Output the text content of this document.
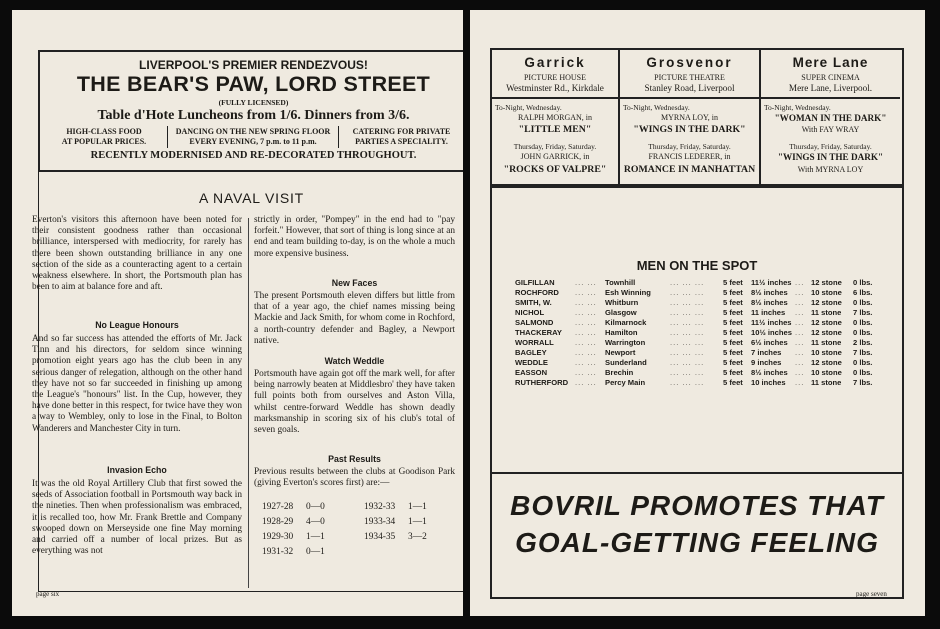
LIVERPOOL'S PREMIER RENDEZVOUS!
THE BEAR'S PAW, LORD STREET
(FULLY LICENSED)
Table d'Hote Luncheons from 1/6. Dinners from 3/6.
HIGH-CLASS FOOD
AT POPULAR PRICES.
DANCING ON THE NEW SPRING FLOOR
EVERY EVENING, 7 p.m. to 11 p.m.
CATERING FOR PRIVATE
PARTIES A SPECIALITY.
RECENTLY MODERNISED AND RE-DECORATED THROUGHOUT.
A NAVAL VISIT

Everton's visitors this afternoon have been noted for their consistent goodness rather than occasional brilliance, interspersed with mediocrity, for rarely has there been shown outstanding brilliance in any one section of the side as a counteracting agent to a certain weakness elsewhere. In short, the Portsmouth plan has been to aim at balance fore and aft.

No League Honours

And so far success has attended the efforts of Mr. Jack Tinn and his directors, for seldom since winning promotion eight years ago has the club been in any serious danger of relegation, although on the other hand they have not so far succeeded in finishing up among the League's "honours" list. In the Cup, however, they have done better in this respect, for twice have they won a way to Wembley, only to lose in the Final, to Bolton Wanderers and Manchester City in turn.

Invasion Echo

It was the old Royal Artillery Club that first sowed the seeds of Association football in Portsmouth way back in the nineties. Then when professionalism was embraced, it is recalled too, how Mr. Frank Brettle and Company swooped down on Merseyside one fine May morning and carried off a number of local prizes. But as everything was not

strictly in order, "Pompey" in the end had to "pay forfeit." However, that sort of thing is long since at an end and team building to-day, is on the whole a much more expensive business.

New Faces

The present Portsmouth eleven differs but little from that of a year ago, the chief names missing being Mackie and Jack Smith, for whom come in Rochford, a north-country defender and Bagley, a Newport native.

Watch Weddle

Portsmouth have again got off the mark well, for after being narrowly beaten at Middlesbro' they have taken full points both from ourselves and Aston Villa, whilst centre-forward Weddle has shown deadly marksmanship in scoring six of his club's total of seven goals.

Past Results

Previous results between the clubs at Goodison Park (giving Everton's scores first) are:—

1927-28 0—0	1932-33 1—1
1928-29 4—0	1933-34 1—1
1929-30 1—1	1934-35 3—2
1931-32 0—1
page six
Garrick
PICTURE HOUSE
Westminster Rd., Kirkdale
To-Night, Wednesday.
RALPH MORGAN, in
"LITTLE MEN"
Thursday, Friday, Saturday.
JOHN GARRICK, in
"ROCKS OF VALPRE"
Grosvenor
PICTURE THEATRE
Stanley Road, Liverpool
To-Night, Wednesday.
MYRNA LOY, in
"WINGS IN THE DARK"
Thursday, Friday, Saturday.
FRANCIS LEDERER, in
ROMANCE IN MANHATTAN
Mere Lane
SUPER CINEMA
Mere Lane, Liverpool.
To-Night, Wednesday.
"WOMAN IN THE DARK"
With FAY WRAY
Thursday, Friday, Saturday.
"WINGS IN THE DARK"
With MYRNA LOY
MEN ON THE SPOT
GILFILLAN	... ... Townhill	... ... ... 5 feet 11½ inches ... 12 stone 0 lbs.
ROCHFORD ... ... Esh Winning	... ... ... 5 feet 8½ inches ... 10 stone 6 lbs.
SMITH, W.	... ... Whitburn	... ... ... 5 feet 8½ inches ... 12 stone 0 lbs.
NICHOL	... ... Glasgow	... ... ... 5 feet 11 inches ... 11 stone 7 lbs.
SALMOND	... ... Kilmarnock	... ... ... 5 feet 11½ inches ... 12 stone 0 lbs.
THACKERAY ... ... Hamilton	... ... ... 5 feet 10½ inches ... 12 stone 0 lbs.
WORRALL	... ... Warrington	... ... ... 5 feet 6½ inches ... 11 stone 2 lbs.
BAGLEY	... ... Newport	... ... ... 5 feet 7 inches ... 10 stone 7 lbs.
WEDDLE	... ... Sunderland	... ... ... 5 feet 9 inches ... 12 stone 0 lbs.
EASSON	... ... Brechin	... ... ... 5 feet 8½ inches ... 10 stone 0 lbs.
RUTHERFORD ... ... Percy Main	... ... ... 5 feet 10 inches ... 11 stone 7 lbs.
BOVRIL PROMOTES THAT
GOAL-GETTING FEELING
page seven
